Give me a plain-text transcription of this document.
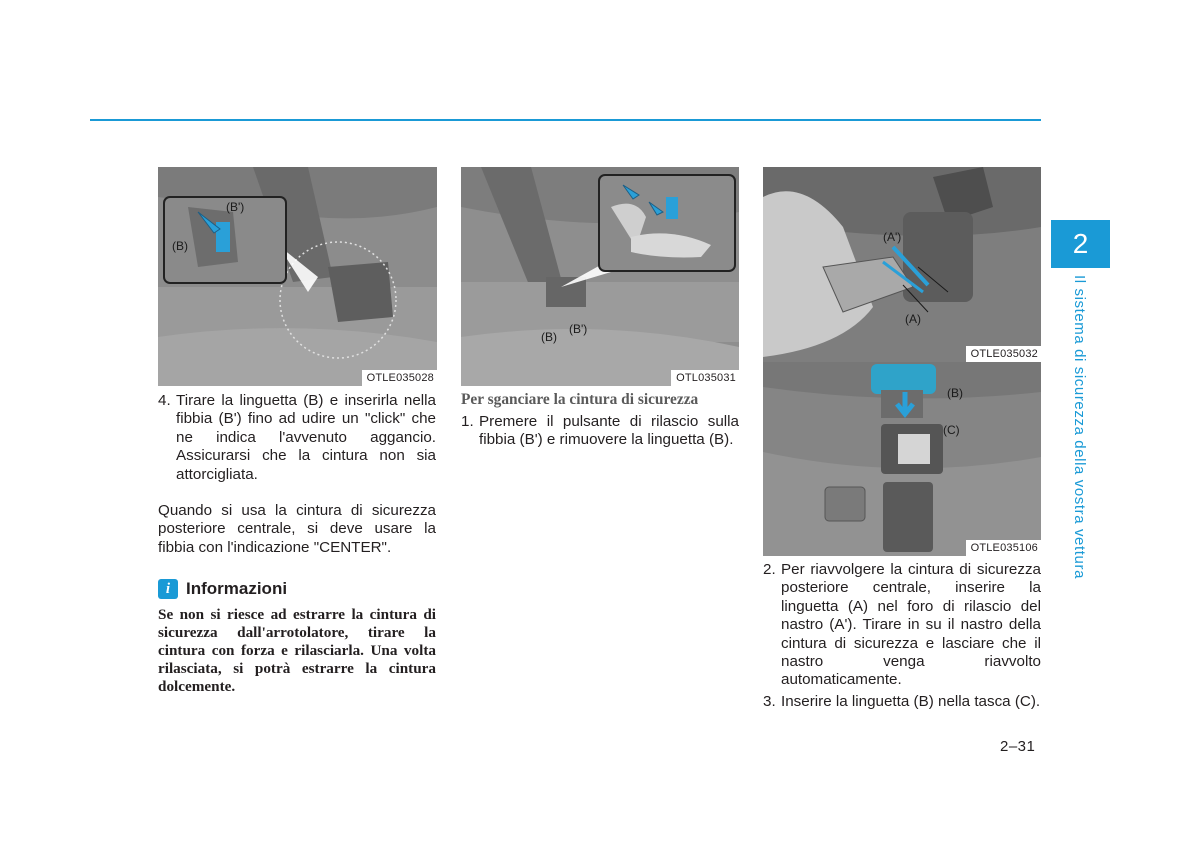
(B')
(B)
OTLE035028
(B)
(B')
OTL035031
(A')
(A)
OTLE035032
(B)
(C)
OTLE035106
4. Tirare la linguetta (B) e inserirla nella fibbia (B') fino ad udire un "click" che ne indica l'avvenuto aggancio. Assicurarsi che la cintura non sia attorcigliata.
Quando si usa la cintura di sicurezza posteriore centrale, si deve usare la fibbia con l'indicazione "CENTER".
i Informazioni
Se non si riesce ad estrarre la cintura di sicurezza dall'arrotolatore, tirare la cintura con forza e rilasciarla. Una volta rilasciata, si potrà estrarre la cintura dolcemente.
Per sganciare la cintura di sicurezza
1. Premere il pulsante di rilascio sulla fibbia (B') e rimuovere la linguetta (B).
2. Per riavvolgere la cintura di sicurezza posteriore centrale, inserire la linguetta (A) nel foro di rilascio del nastro (A'). Tirare in su il nastro della cintura di sicurezza e lasciare che il nastro venga riavvolto automaticamente.
3. Inserire la linguetta (B) nella tasca (C).
2
Il sistema di sicurezza della vostra vettura
2–31
